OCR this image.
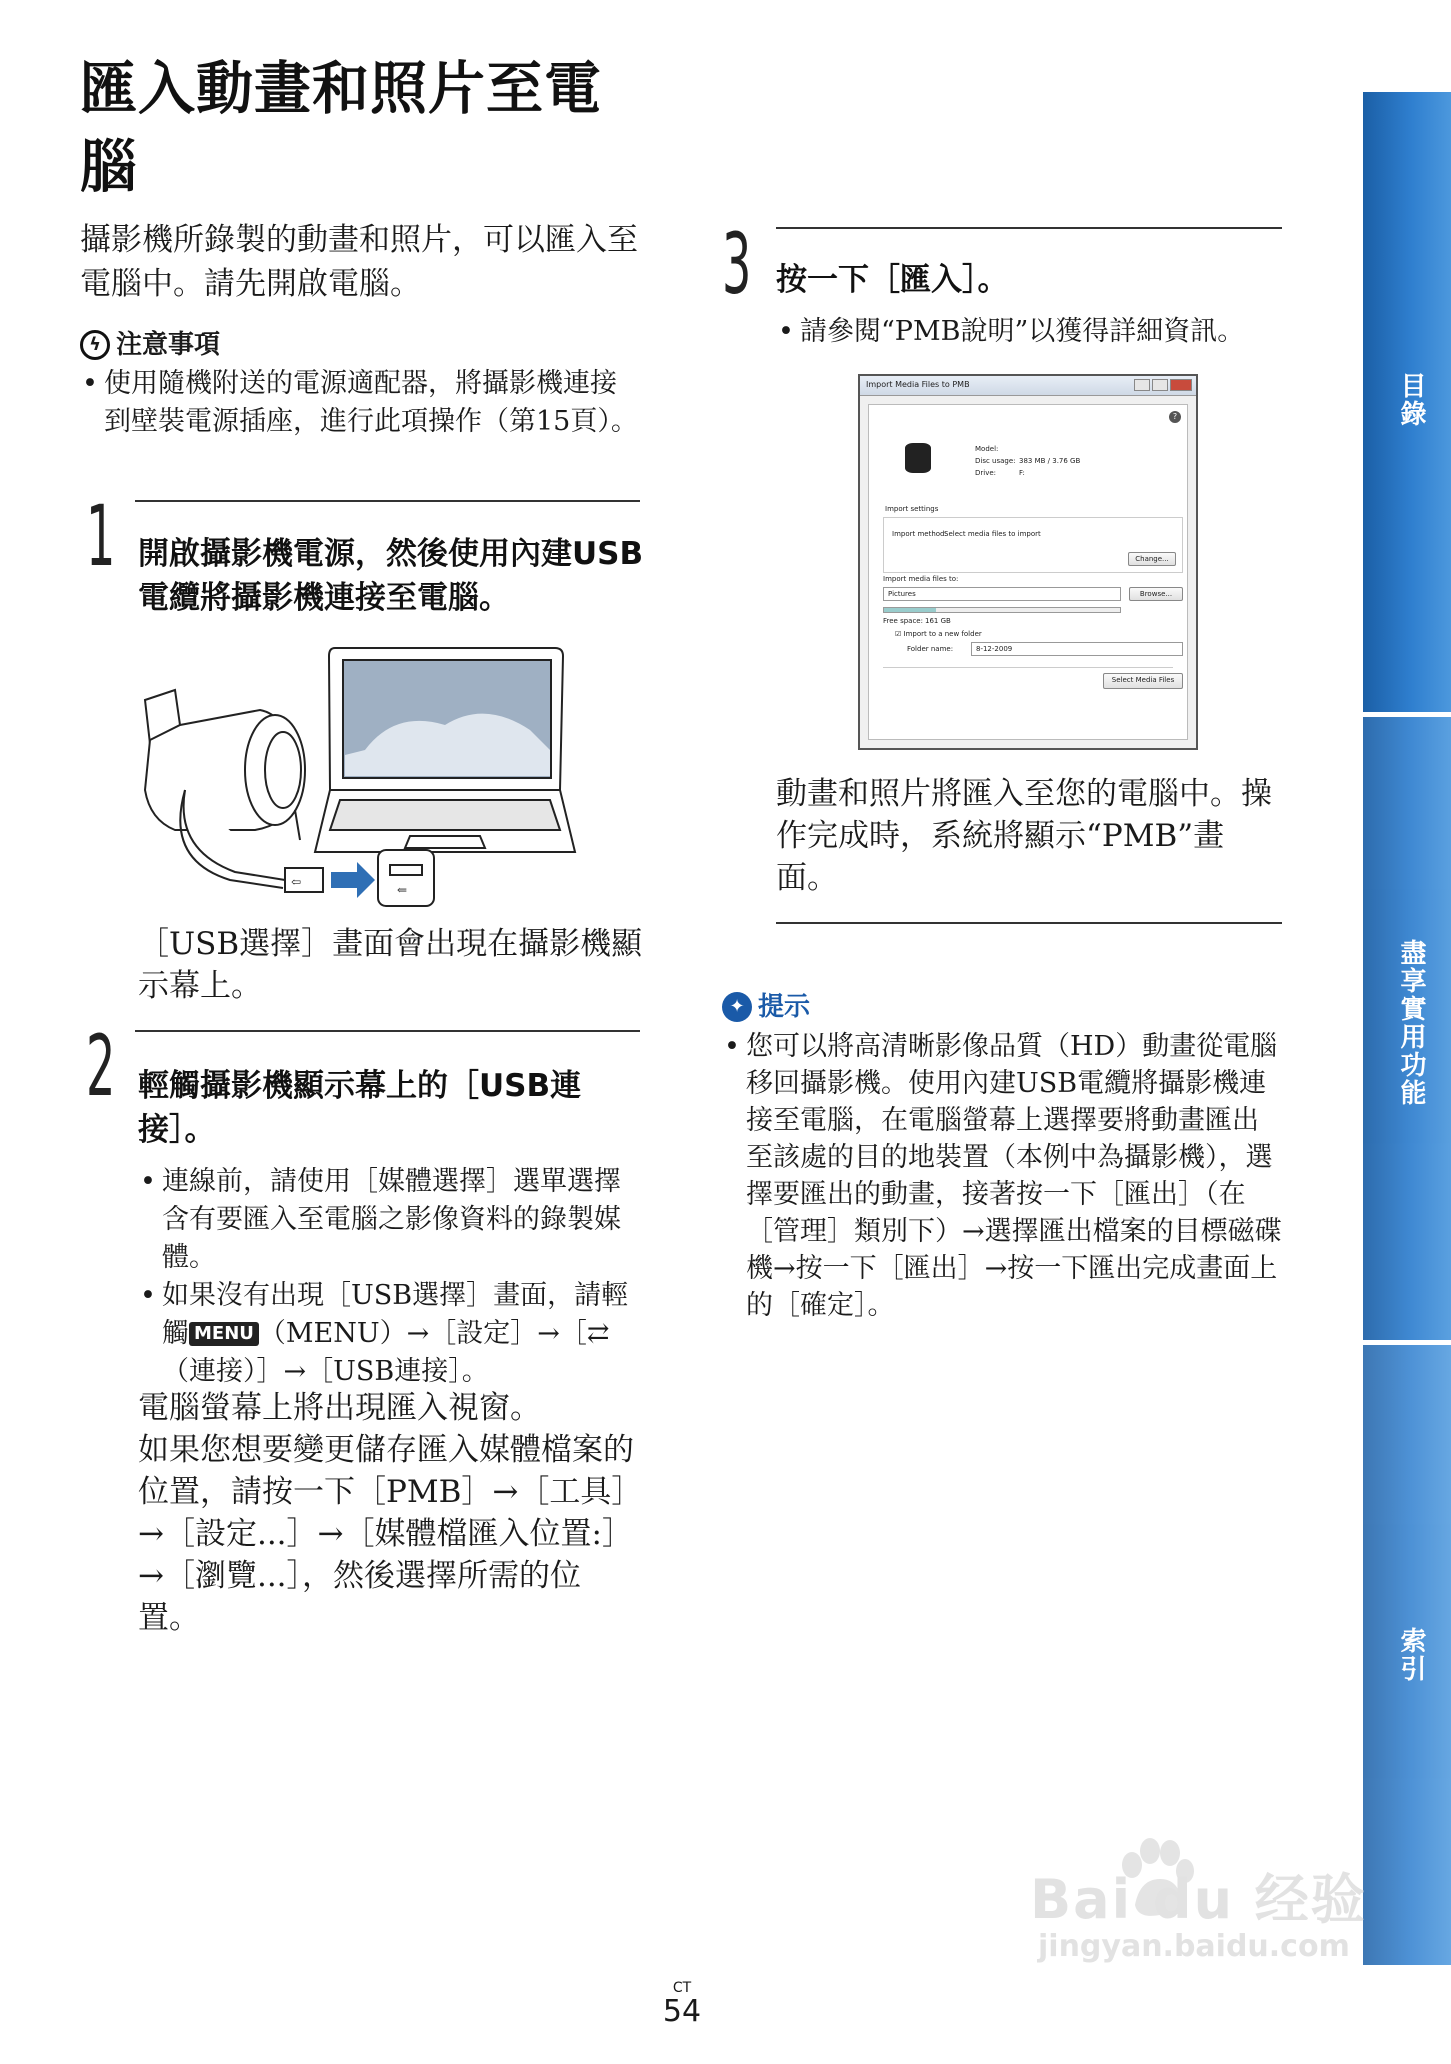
匯入動畫和照片至電腦
攝影機所錄製的動畫和照片，可以匯入至電腦中。請先開啟電腦。
ϟ 注意事項
• 使用隨機附送的電源適配器，將攝影機連接到壁裝電源插座，進行此項操作（第15頁）。
1 開啟攝影機電源，然後使用內建USB電纜將攝影機連接至電腦。
⇦
⇐
［USB選擇］畫面會出現在攝影機顯示幕上。
2 輕觸攝影機顯示幕上的［USB連接］。
• 連線前，請使用［媒體選擇］選單選擇含有要匯入至電腦之影像資料的錄製媒體。
• 如果沒有出現［USB選擇］畫面，請輕觸 MENU （MENU）→［設定］→［⇄（連接）］→［USB連接］。
電腦螢幕上將出現匯入視窗。
如果您想要變更儲存匯入媒體檔案的位置，請按一下［PMB］→［工具］→［設定...］→［媒體檔匯入位置:］→［瀏覽...］，然後選擇所需的位置。
3 按一下［匯入］。
• 請參閱“PMB說明”以獲得詳細資訊。
Import Media Files to PMB
?
Model:
Disc usage: 383 MB / 3.76 GB
Drive:	F:
Import settings
Import method:
Select media files to import
Change...
Import media files to:
Pictures	Browse...
Free space: 161 GB
☑ Import to a new folder
Folder name:	8-12-2009
Select Media Files
動畫和照片將匯入至您的電腦中。操作完成時，系統將顯示“PMB”畫面。
✦ 提示
• 您可以將高清晰影像品質（HD）動畫從電腦移回攝影機。使用內建USB電纜將攝影機連接至電腦，在電腦螢幕上選擇要將動畫匯出至該處的目的地裝置（本例中為攝影機），選擇要匯出的動畫，接著按一下［匯出］（在［管理］類別下）→選擇匯出檔案的目標磁碟機→按一下［匯出］→按一下匯出完成畫面上的［確定］。
目錄
盡享實用功能
索引
Bai du 经验
jingyan.baidu.com
CT
54
